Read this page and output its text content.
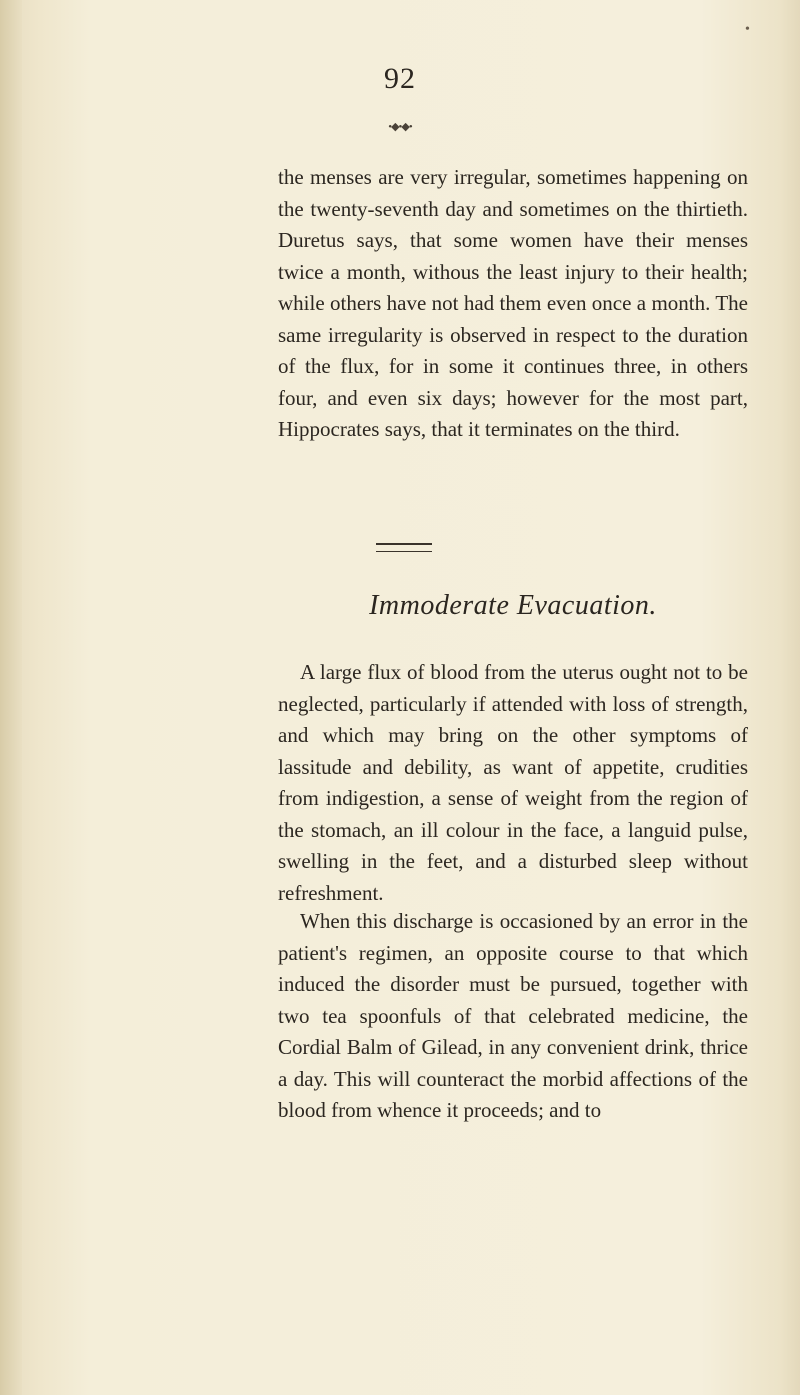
•
92
•◆•◆•
the menses are very irregular, sometimes happening on the twenty-seventh day and sometimes on the thirtieth. Duretus says, that some women have their menses twice a month, withous the least injury to their health; while others have not had them even once a month. The same irregularity is observed in respect to the duration of the flux, for in some it continues three, in others four, and even six days; however for the most part, Hippocrates says, that it terminates on the third.
Immoderate Evacuation.
A large flux of blood from the uterus ought not to be neglected, particularly if attended with loss of strength, and which may bring on the other symptoms of lassitude and debility, as want of appetite, crudities from indigestion, a sense of weight from the region of the stomach, an ill colour in the face, a languid pulse, swelling in the feet, and a disturbed sleep without refreshment.
When this discharge is occasioned by an error in the patient's regimen, an opposite course to that which induced the disorder must be pursued, together with two tea spoonfuls of that celebrated medicine, the Cordial Balm of Gilead, in any convenient drink, thrice a day. This will counteract the morbid affections of the blood from whence it proceeds; and to
